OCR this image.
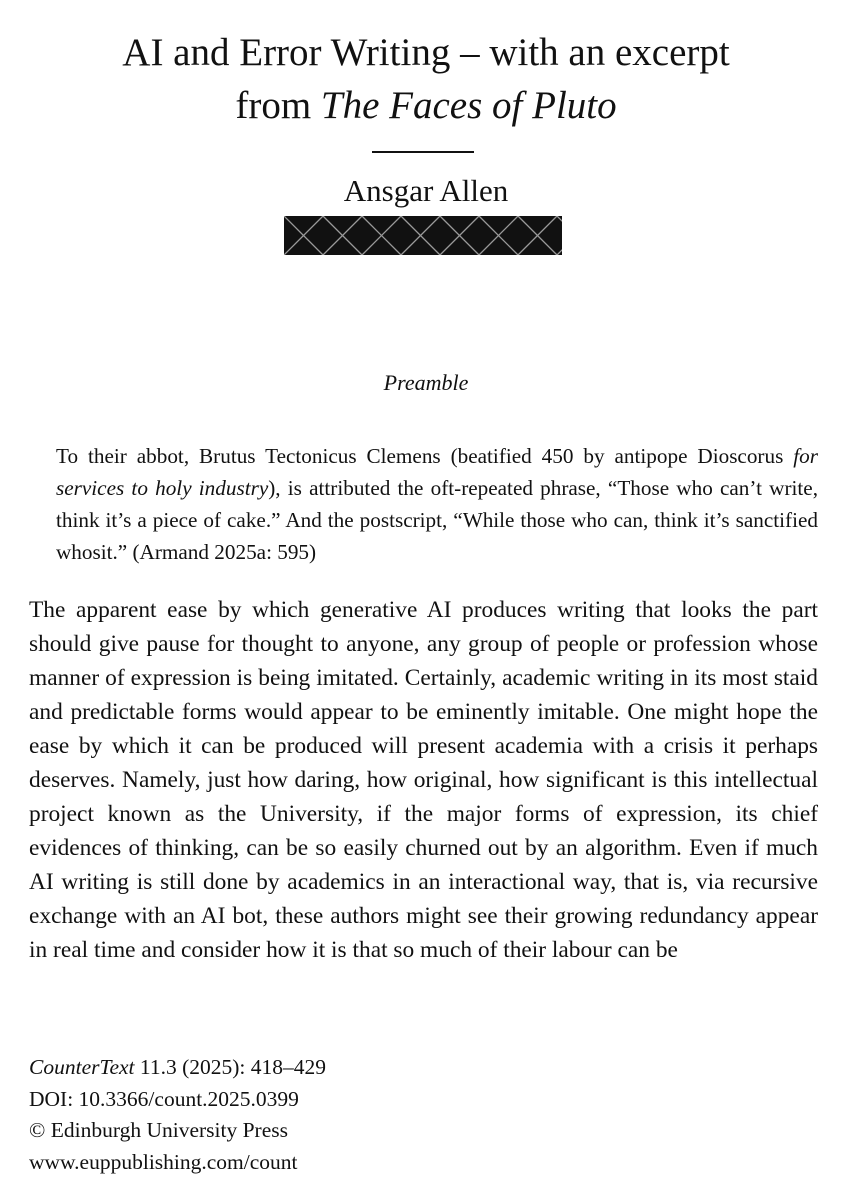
AI and Error Writing – with an excerpt
from The Faces of Pluto
Ansgar Allen
Preamble

To their abbot, Brutus Tectonicus Clemens (beatified 450 by antipope Dioscorus for services to holy industry), is attributed the oft-repeated phrase, “Those who can’t write, think it’s a piece of cake.” And the postscript, “While those who can, think it’s sanctified whosit.” (Armand 2025a: 595)

The apparent ease by which generative AI produces writing that looks the part should give pause for thought to anyone, any group of people or profession whose manner of expression is being imitated. Certainly, academic writing in its most staid and predictable forms would appear to be eminently imitable. One might hope the ease by which it can be produced will present academia with a crisis it perhaps deserves. Namely, just how daring, how original, how significant is this intellectual project known as the University, if the major forms of expression, its chief evidences of thinking, can be so easily churned out by an algorithm. Even if much AI writing is still done by academics in an interactional way, that is, via recursive exchange with an AI bot, these authors might see their growing redundancy appear in real time and consider how it is that so much of their labour can be

CounterText 11.3 (2025): 418–429
DOI: 10.3366/count.2025.0399
© Edinburgh University Press
www.euppublishing.com/count
